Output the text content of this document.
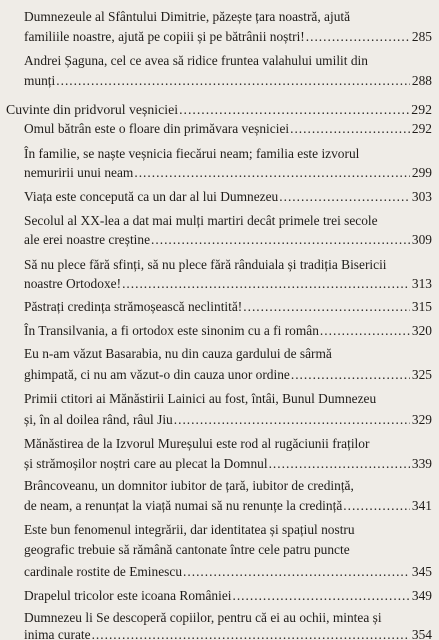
Dumnezeule al Sfântului Dimitrie, păzește țara noastră, ajută
familiile noastre, ajută pe copiii și pe bătrânii noștri! .....	285
Andrei Șaguna, cel ce avea să ridice fruntea valahului umilit din
munți .....	288
Cuvinte din pridvorul veșniciei .....	292
Omul bătrân este o floare din primăvara veșniciei .....	292
În familie, se naște veșnicia fiecărui neam; familia este izvorul
nemuririi unui neam .....	299
Viața este concepută ca un dar al lui Dumnezeu .....	303
Secolul al XX-lea a dat mai mulți martiri decât primele trei secole
ale erei noastre creștine .....	309
Să nu plece fără sfinți, să nu plece fără rânduiala și tradiția Bisericii
noastre Ortodoxe! .....	313
Păstrați credința strămoșească neclintită! .....	315
În Transilvania, a fi ortodox este sinonim cu a fi român .....	320
Eu n-am văzut Basarabia, nu din cauza gardului de sârmă
ghimpată, ci nu am văzut-o din cauza unor ordine .....	325
Primii ctitori ai Mănăstirii Lainici au fost, întâi, Bunul Dumnezeu
și, în al doilea rând, râul Jiu .....	329
Mănăstirea de la Izvorul Mureșului este rod al rugăciunii fraților
și strămoșilor noștri care au plecat la Domnul .....	339
Brâncoveanu, un domnitor iubitor de țară, iubitor de credință,
de neam, a renunțat la viață numai să nu renunțe la credință .....	341
Este bun fenomenul integrării, dar identitatea și spațiul nostru
geografic trebuie să rămână cantonate între cele patru puncte
cardinale rostite de Eminescu .....	345
Drapelul tricolor este icoana României .....	349
Dumnezeu li Se descoperă copiilor, pentru că ei au ochii, mintea și
inima curate .....	354
